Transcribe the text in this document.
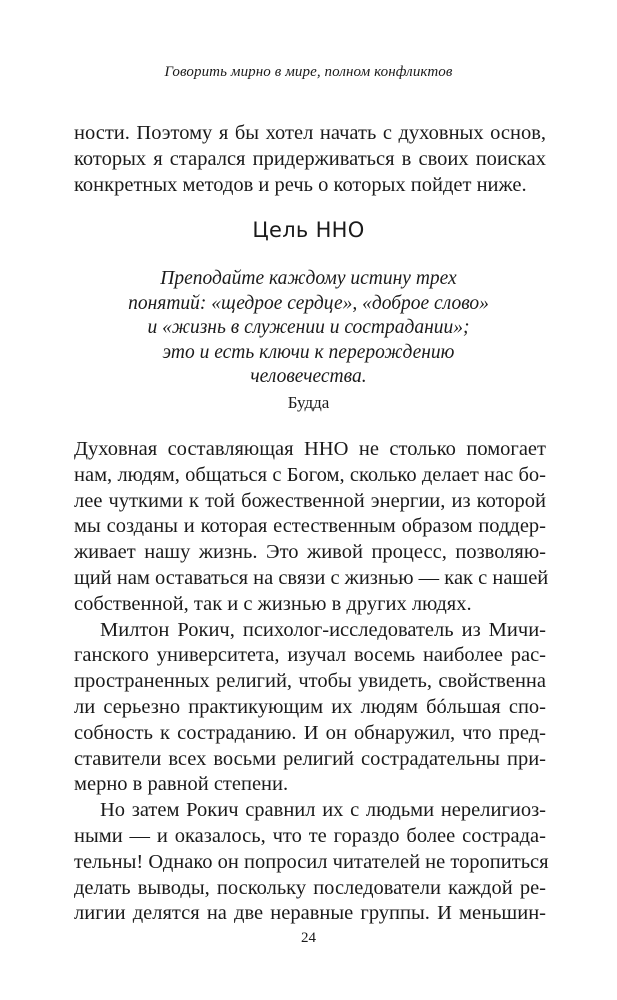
Говорить мирно в мире, полном конфликтов
ности. Поэтому я бы хотел начать с духовных основ,
которых я старался придерживаться в своих поисках
конкретных методов и речь о которых пойдет ниже.
Цель ННО
Преподайте каждому истину трех
понятий: «щедрое сердце», «доброе слово»
и «жизнь в служении и сострадании»;
это и есть ключи к перерождению
человечества.
Будда
Духовная составляющая ННО не столько помогает
нам, людям, общаться с Богом, сколько делает нас бо-
лее чуткими к той божественной энергии, из которой
мы созданы и которая естественным образом поддер-
живает нашу жизнь. Это живой процесс, позволяю-
щий нам оставаться на связи с жизнью — как с нашей
собственной, так и с жизнью в других людях.
Милтон Рокич, психолог-исследователь из Мичи-
ганского университета, изучал восемь наиболее рас-
пространенных религий, чтобы увидеть, свойственна
ли серьезно практикующим их людям бóльшая спо-
собность к состраданию. И он обнаружил, что пред-
ставители всех восьми религий сострадательны при-
мерно в равной степени.
Но затем Рокич сравнил их с людьми нерелигиоз-
ными — и оказалось, что те гораздо более сострада-
тельны! Однако он попросил читателей не торопиться
делать выводы, поскольку последователи каждой ре-
лигии делятся на две неравные группы. И меньшин-
24
